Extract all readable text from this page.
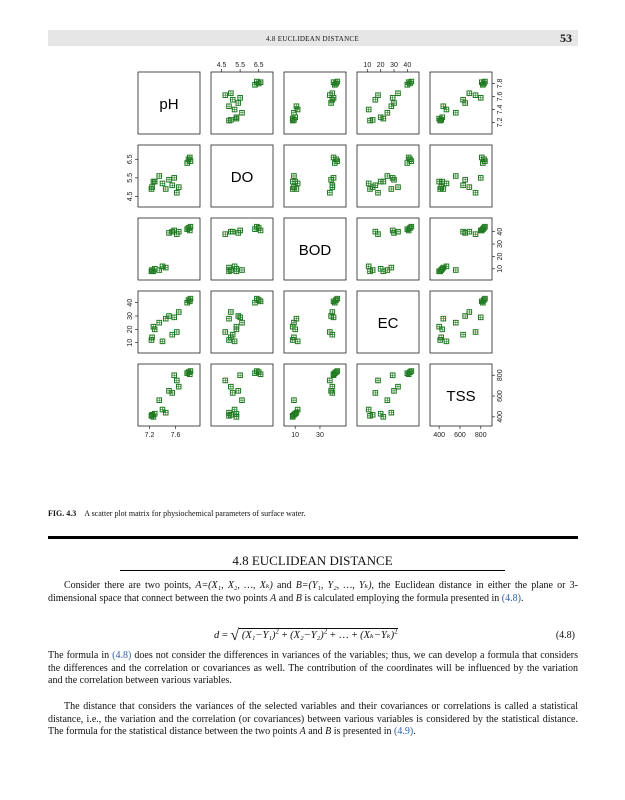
4.8 EUCLIDEAN DISTANCE	53
pH
DO
BOD
EC
TSS
4.5 5.5 6.5	10 20 30 40
7.2 7.6	10 30	400 600 800
4.5
5.5
6.5
10
20
30
40
7.2
7.4
7.6
7.8
10
20
30
40
400
600
800
FIG. 4.3 A scatter plot matrix for physiochemical parameters of surface water.
4.8 EUCLIDEAN DISTANCE
Consider there are two points, A=(X₁, X₂, …, Xₖ) and B=(Y₁, Y₂, …, Yₖ), the Euclidean distance in either the plane or 3-dimensional space that connect between the two points A and B is calculated employing the formula presented in (4.8).
d = √ $(X_1-Y_1)^2 + (X_2-Y_2)^2$ + … + $(X_k-Y_k)^2$	(4.8)
The formula in (4.8) does not consider the differences in variances of the variables; thus, we can develop a formula that considers the differences and the correlation or covariances as well. The contribution of the coordinates will be influenced by the variation and the correlation between various variables.
The distance that considers the variances of the selected variables and their covariances or correlations is called a statistical distance, i.e., the variation and the correlation (or covariances) between various variables is considered by the statistical distance. The formula for the statistical distance between the two points A and B is presented in (4.9).
